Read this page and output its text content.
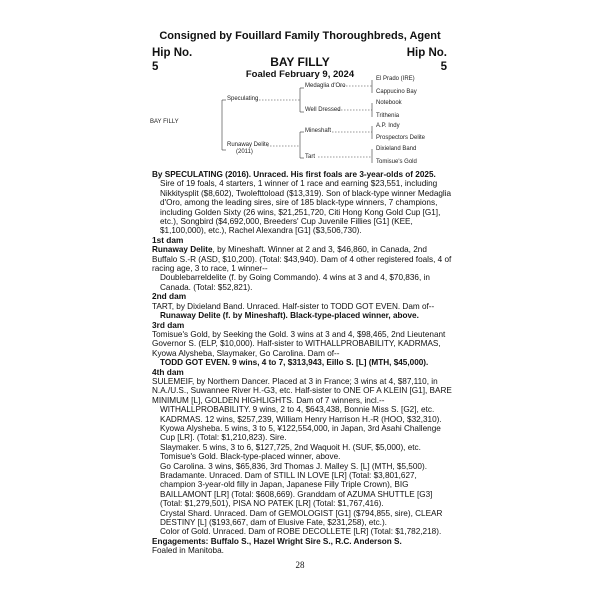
Consigned by Fouillard Family Thoroughbreds, Agent
Hip No.
5
Hip No.
5
BAY FILLY
Foaled February 9, 2024
BAY FILLY
Speculating
Runaway Delite
(2011)
Medaglia d'Oro
Well Dressed
Mineshaft
Tart
El Prado (IRE)
Cappucino Bay
Notebook
Trithenia
A.P. Indy
Prospectors Delite
Dixieland Band
Tomisue's Gold

By SPECULATING (2016). Unraced. His first foals are 3-year-olds of 2025.

Sire of 19 foals, 4 starters, 1 winner of 1 race and earning $23,551, including Nikkitysplit ($8,602), Twolefttoload ($13,319). Son of black-type winner Medaglia d'Oro, among the leading sires, sire of 185 black-type winners, 7 champions, including Golden Sixty (26 wins, $21,251,720, Citi Hong Kong Gold Cup [G1], etc.), Songbird ($4,692,000, Breeders' Cup Juvenile Fillies [G1] (KEE, $1,100,000), etc.), Rachel Alexandra [G1] ($3,506,730).

1st dam

Runaway Delite, by Mineshaft. Winner at 2 and 3, $46,860, in Canada, 2nd Buffalo S.-R (ASD, $10,200). (Total: $43,940). Dam of 4 other registered foals, 4 of racing age, 3 to race, 1 winner--

Doublebarreldelite (f. by Going Commando). 4 wins at 3 and 4, $70,836, in Canada. (Total: $52,821).

2nd dam

TART, by Dixieland Band. Unraced. Half-sister to TODD GOT EVEN. Dam of--

Runaway Delite (f. by Mineshaft). Black-type-placed winner, above.

3rd dam

Tomisue's Gold, by Seeking the Gold. 3 wins at 3 and 4, $98,465, 2nd Lieutenant Governor S. (ELP, $10,000). Half-sister to WITHALLPROBABILITY, KADRMAS, Kyowa Alysheba, Slaymaker, Go Carolina. Dam of--

TODD GOT EVEN. 9 wins, 4 to 7, $313,943, Eillo S. [L] (MTH, $45,000).

4th dam

SULEMEIF, by Northern Dancer. Placed at 3 in France; 3 wins at 4, $87,110, in N.A./U.S., Suwannee River H.-G3, etc. Half-sister to ONE OF A KLEIN [G1], BARE MINIMUM [L], GOLDEN HIGHLIGHTS. Dam of 7 winners, incl.--

WITHALLPROBABILITY. 9 wins, 2 to 4, $643,438, Bonnie Miss S. [G2], etc.

KADRMAS. 12 wins, $257,239, William Henry Harrison H.-R (HOO, $32,310).

Kyowa Alysheba. 5 wins, 3 to 5, ¥122,554,000, in Japan, 3rd Asahi Challenge Cup [LR]. (Total: $1,210,823). Sire.

Slaymaker. 5 wins, 3 to 6, $127,725, 2nd Waquoit H. (SUF, $5,000), etc.

Tomisue's Gold. Black-type-placed winner, above.

Go Carolina. 3 wins, $65,836, 3rd Thomas J. Malley S. [L] (MTH, $5,500).

Bradamante. Unraced. Dam of STILL IN LOVE [LR] (Total: $3,801,627, champion 3-year-old filly in Japan, Japanese Filly Triple Crown), BIG BAILLAMONT [LR] (Total: $608,669). Granddam of AZUMA SHUTTLE [G3] (Total: $1,279,501), PISA NO PATEK [LR] (Total: $1,767,416).

Crystal Shard. Unraced. Dam of GEMOLOGIST [G1] ($794,855, sire), CLEAR DESTINY [L] ($193,667, dam of Elusive Fate, $231,258), etc.).

Color of Gold. Unraced. Dam of ROBE DECOLLETE [LR] (Total: $1,782,218).

Engagements: Buffalo S., Hazel Wright Sire S., R.C. Anderson S.

Foaled in Manitoba.

28
